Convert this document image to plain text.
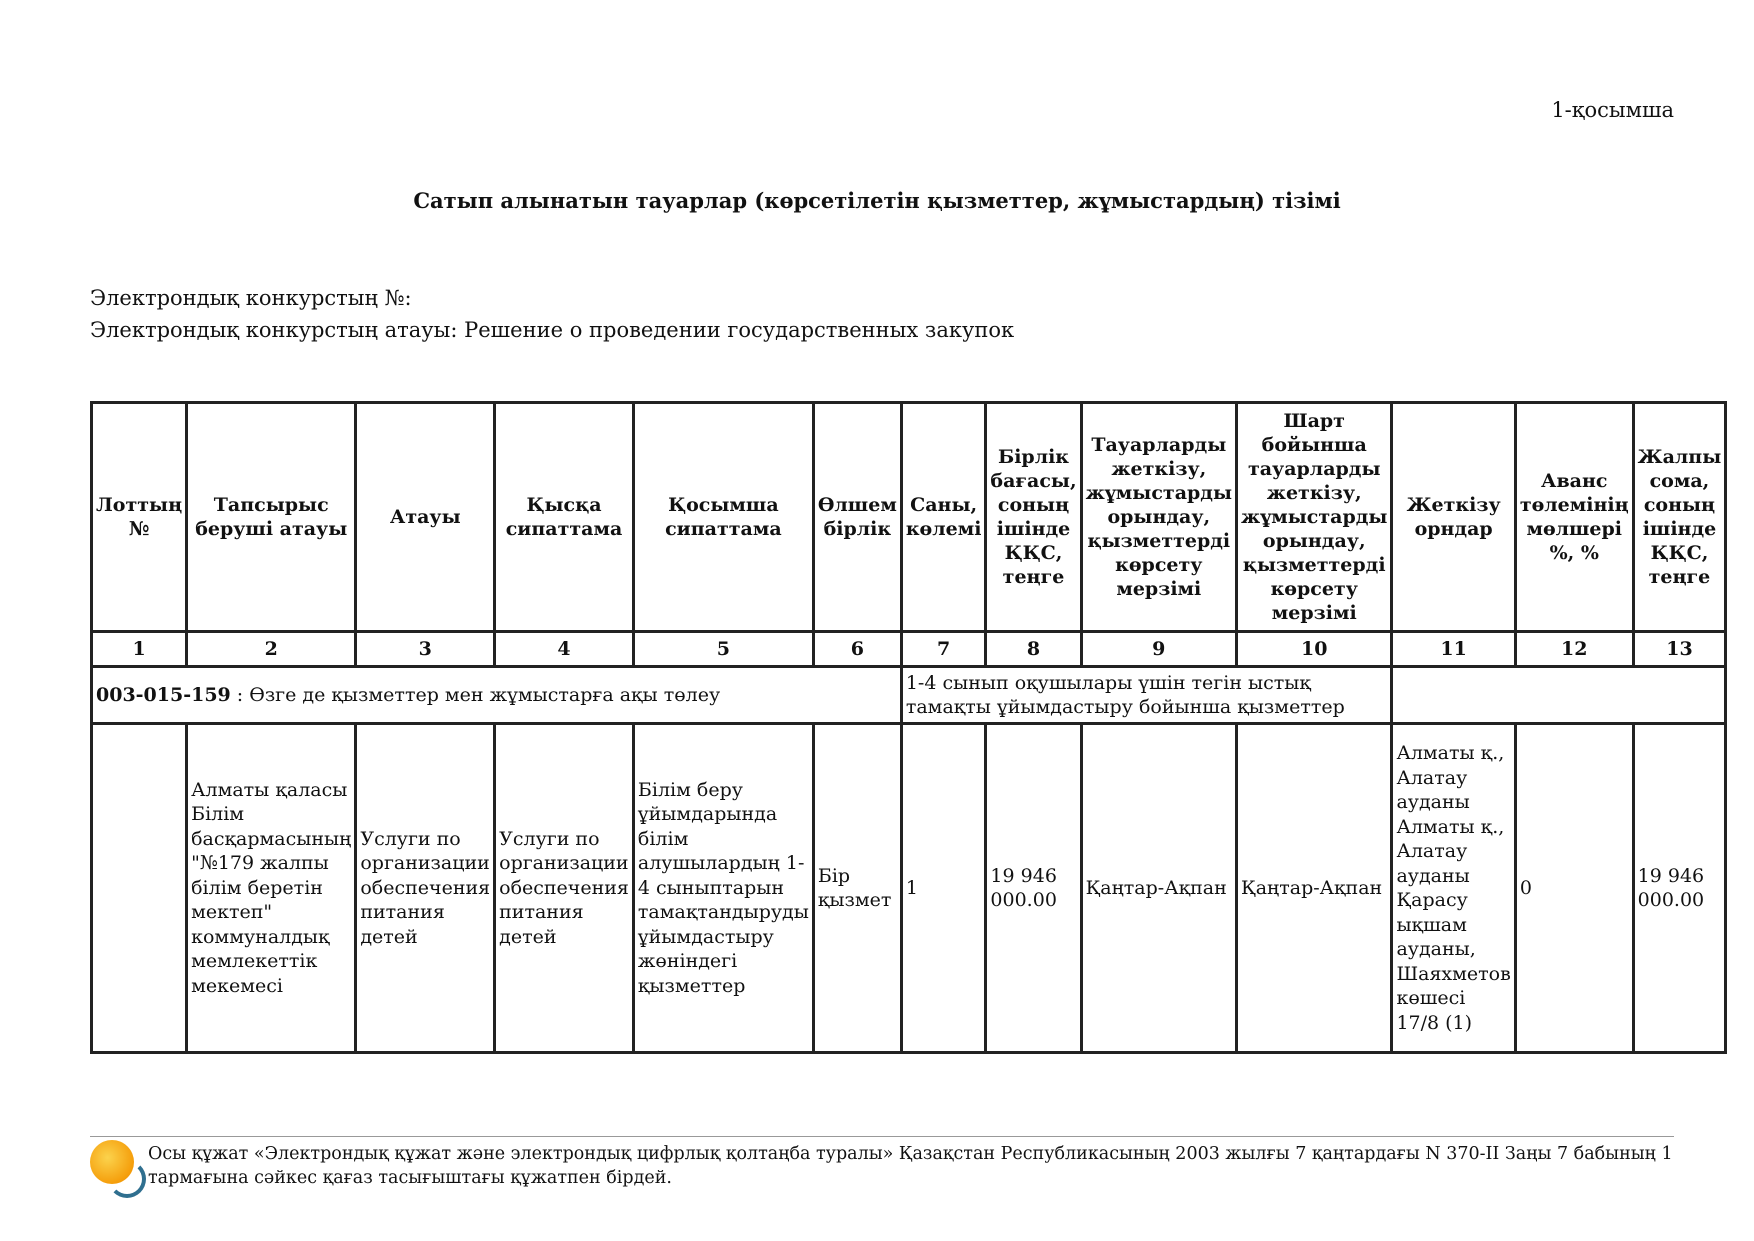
1-қосымша
Сатып алынатын тауарлар (көрсетілетін қызметтер, жұмыстардың) тізімі
Электрондық конкурстың №:
Электрондық конкурстың атауы: Решение о проведении государственных закупок
Лоттың №	Тапсырыс беруші атауы	Атауы	Қысқа сипаттама	Қосымша сипаттама	Өлшем бірлік	Саны, көлемі	Бірлік бағасы, соның ішінде ҚҚС, теңге	Тауарларды жеткізу, жұмыстарды орындау, қызметтерді көрсету мерзімі	Шарт бойынша тауарларды жеткізу, жұмыстарды орындау, қызметтерді көрсету мерзімі	Жеткізу орндар	Аванс төлемінің мөлшері %, %	Жалпы сома, соның ішінде ҚҚС, теңге
1	2	3	4	5	6	7	8	9	10	11	12	13
003-015-159 : Өзге де қызметтер мен жұмыстарға ақы төлеу						1-4 сынып оқушылары үшін тегін ыстық тамақты ұйымдастыру бойынша қызметтер						
	Алматы қаласы Білім басқармасының "№179 жалпы білім беретін мектеп" коммуналдық мемлекеттік мекемесі	Услуги по организации обеспечения питания детей	Услуги по организации обеспечения питания детей	Білім беру ұйымдарында білім алушылардың 1-4 сыныптарын тамақтандыруды ұйымдастыру жөніндегі қызметтер	Бір қызмет	1	19 946 000.00	Қаңтар-Ақпан	Қаңтар-Ақпан	Алматы қ., Алатау ауданы Алматы қ., Алатау ауданы Қарасу ықшам ауданы, Шаяхметов көшесі 17/8 (1)	0	19 946 000.00
Осы құжат «Электрондық құжат және электрондық цифрлық қолтаңба туралы» Қазақстан Республикасының 2003 жылғы 7 қаңтардағы N 370-II Заңы 7 бабының 1 тармағына сәйкес қағаз тасығыштағы құжатпен бірдей.
